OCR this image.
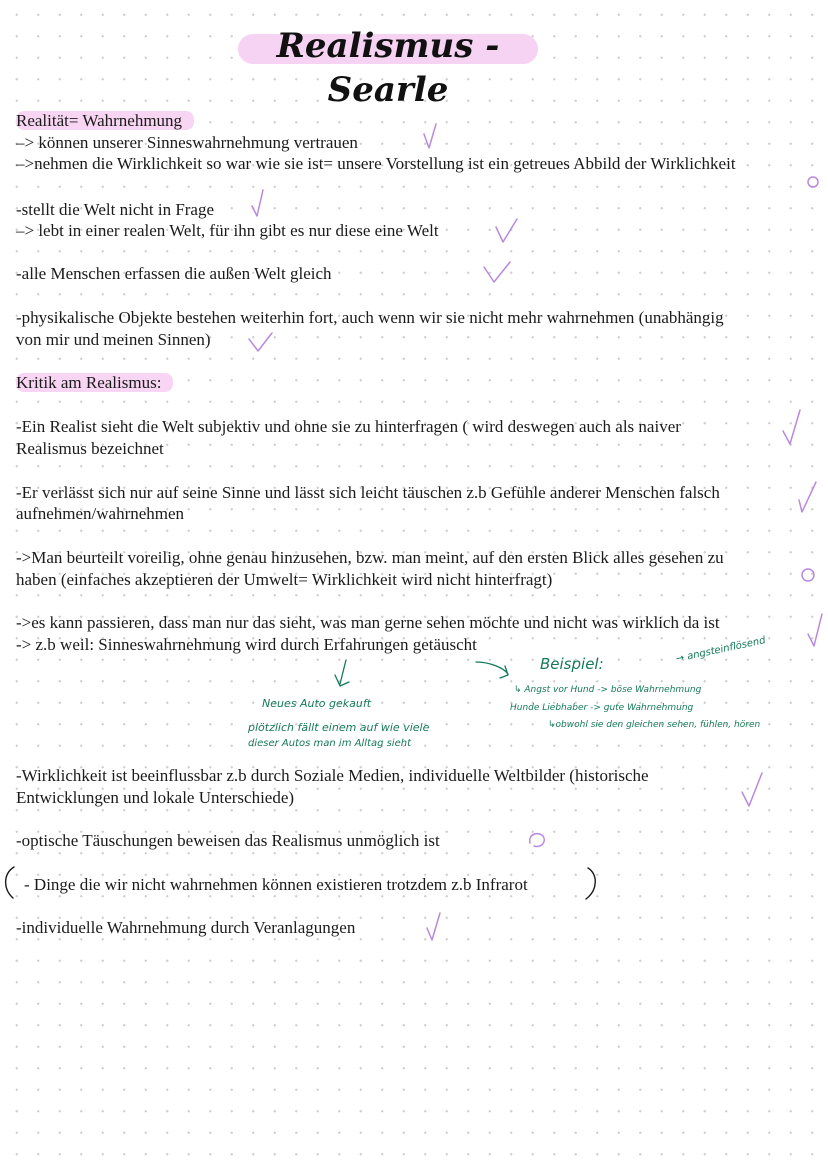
Realismus - Searle
Realität= Wahrnehmung
–> können unserer Sinneswahrnehmung vertrauen
–>nehmen die Wirklichkeit so war wie sie ist= unsere Vorstellung ist ein getreues Abbild der Wirklichkeit
-stellt die Welt nicht in Frage
–> lebt in einer realen Welt, für ihn gibt es nur diese eine Welt
-alle Menschen erfassen die außen Welt gleich
-physikalische Objekte bestehen weiterhin fort, auch wenn wir sie nicht mehr wahrnehmen (unabhängig
von mir und meinen Sinnen)
Kritik am Realismus:
-Ein Realist sieht die Welt subjektiv und ohne sie zu hinterfragen ( wird deswegen auch als naiver
Realismus bezeichnet
-Er verlässt sich nur auf seine Sinne und lässt sich leicht täuschen z.b Gefühle anderer Menschen falsch
aufnehmen/wahrnehmen
->Man beurteilt voreilig, ohne genau hinzusehen, bzw. man meint, auf den ersten Blick alles gesehen zu
haben (einfaches akzeptieren der Umwelt= Wirklichkeit wird nicht hinterfragt)
->es kann passieren, dass man nur das sieht, was man gerne sehen möchte und nicht was wirklich da ist
-> z.b weil: Sinneswahrnehmung wird durch Erfahrungen getäuscht
-Wirklichkeit ist beeinflussbar z.b durch Soziale Medien, individuelle Weltbilder (historische
Entwicklungen und lokale Unterschiede)
-optische Täuschungen beweisen das Realismus unmöglich ist
- Dinge die wir nicht wahrnehmen können existieren trotzdem z.b Infrarot
-individuelle Wahrnehmung durch Veranlagungen
Neues Auto gekauft
plötzlich fällt einem auf wie viele
dieser Autos man im Alltag sieht
Beispiel:	→ angsteinflösend
↳ Angst vor Hund -> böse Wahrnehmung
Hunde Liebhaber -> gute Wahrnehmung
↳obwohl sie den gleichen sehen, fühlen, hören
